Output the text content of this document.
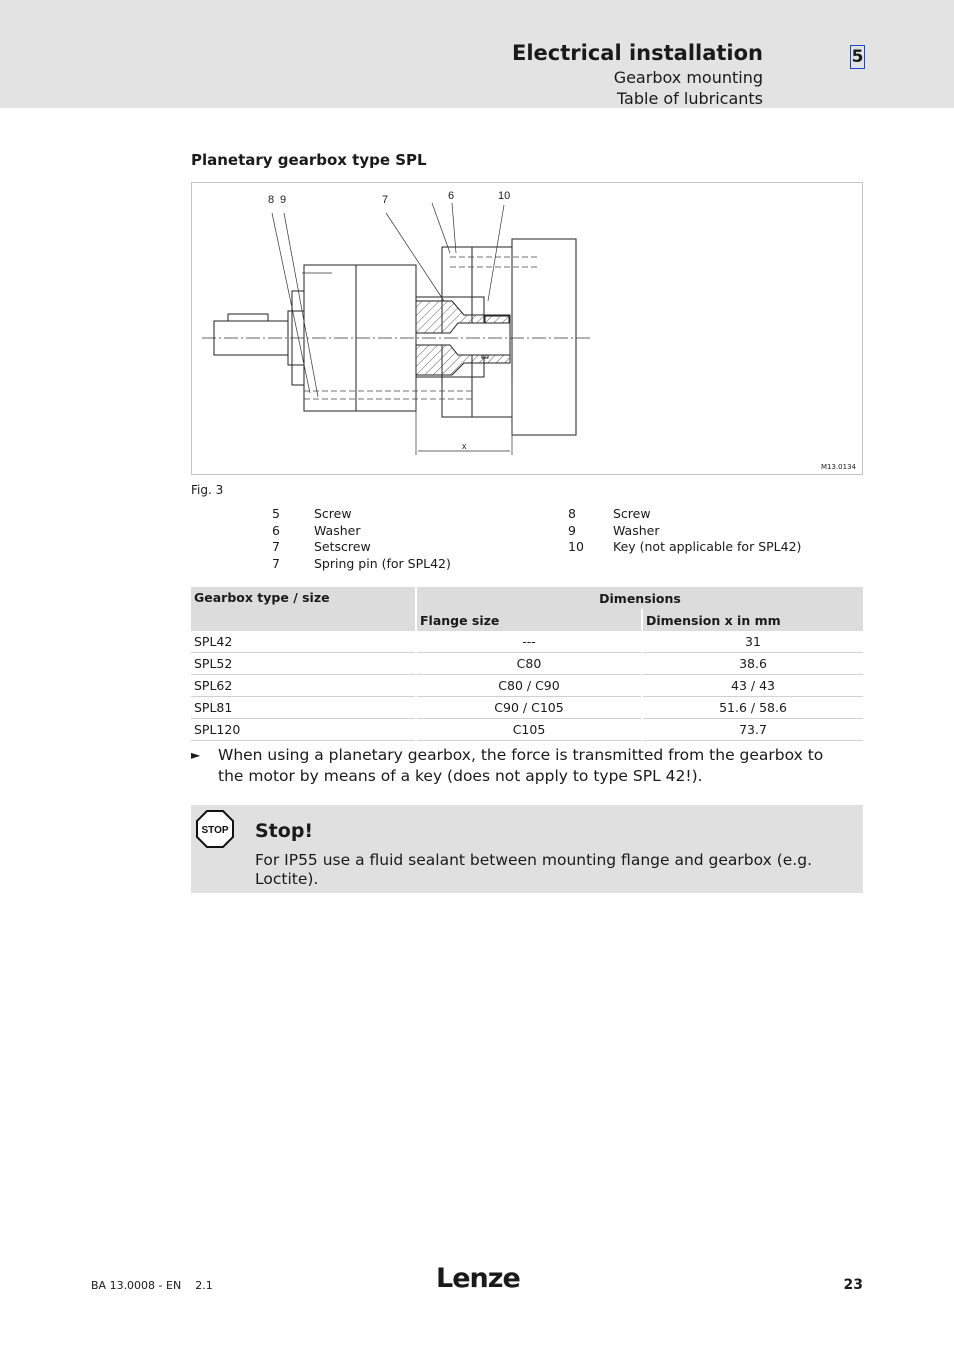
Electrical installation
Gearbox mounting
Table of lubricants
5
Planetary gearbox type SPL
8 9	7	6	10
x
M13.0134
Fig. 3
5	Screw
6	Washer
7	Setscrew
7	Spring pin (for SPL42)
8	Screw
9	Washer
10	Key (not applicable for SPL42)
Gearbox type / size	Dimensions	
	Flange size	Dimension x in mm
SPL42	---	31
SPL52	C80	38.6
SPL62	C80 / C90	43 / 43
SPL81	C90 / C105	51.6 / 58.6
SPL120	C105	73.7
► When using a planetary gearbox, the force is transmitted from the gearbox to the motor by means of a key (does not apply to type SPL 42!).
STOP Stop!
For IP55 use a fluid sealant between mounting flange and gearbox (e.g. Loctite).
BA 13.0008 - EN 2.1	Lenze	23
